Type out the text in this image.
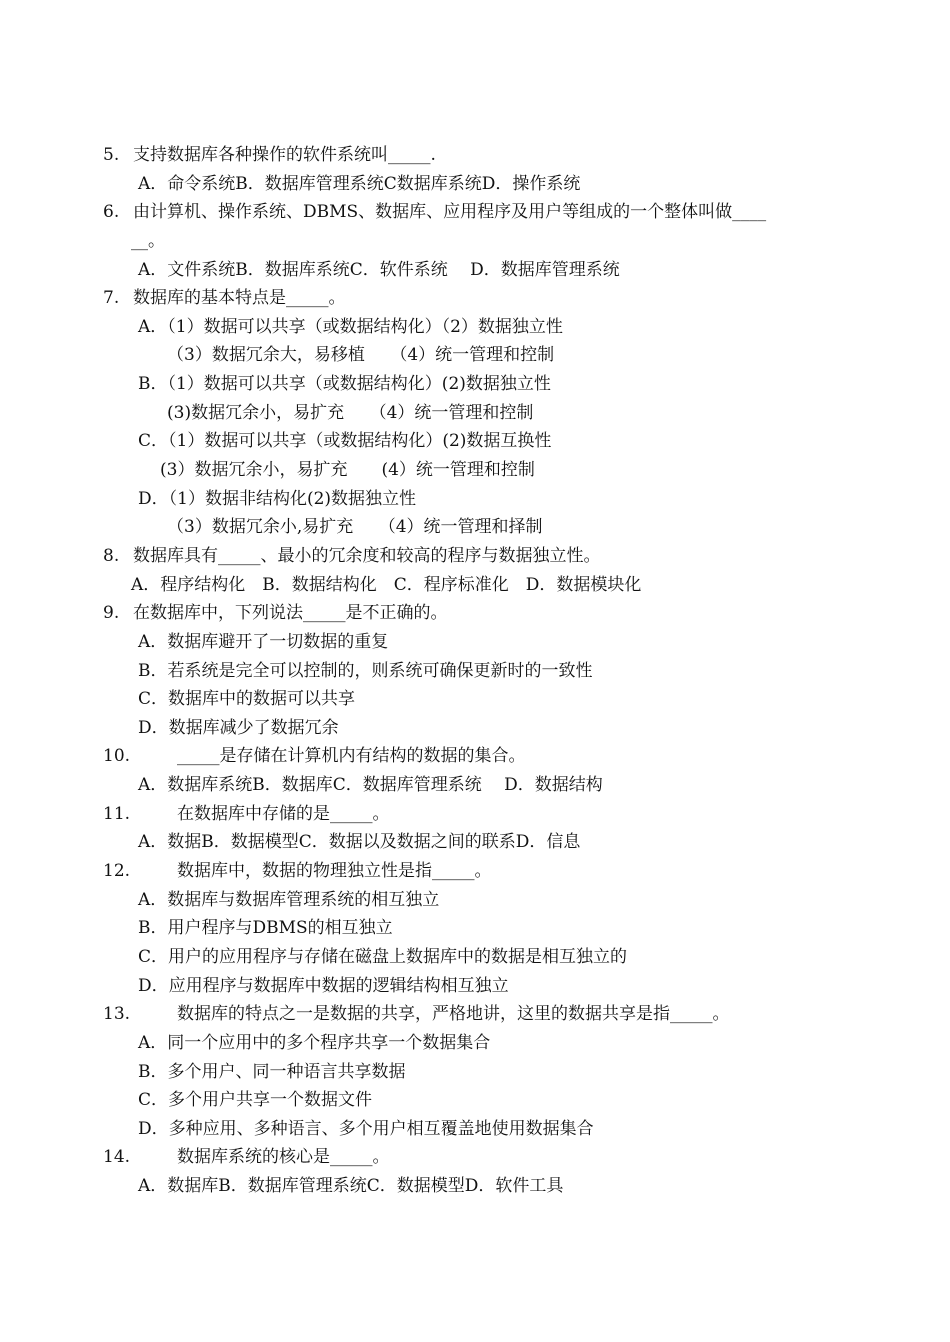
5. 支持数据库各种操作的软件系统叫_____.
A．命令系统B．数据库管理系统C数据库系统D．操作系统
6. 由计算机、操作系统、DBMS、数据库、应用程序及用户等组成的一个整体叫做____
__。
A．文件系统B．数据库系统C．软件系统　 D．数据库管理系统
7. 数据库的基本特点是_____。
A．（1）数据可以共享（或数据结构化）（2）数据独立性
（3）数据冗余大，易移植　　（4）统一管理和控制
B．（1）数据可以共享（或数据结构化）(2)数据独立性
(3)数据冗余小，易扩充　　（4）统一管理和控制
C．（1）数据可以共享（或数据结构化）(2)数据互换性
(3）数据冗余小，易扩充　　(4）统一管理和控制
D．（1）数据非结构化(2)数据独立性
（3）数据冗余小,易扩充　　（4）统一管理和择制
8. 数据库具有_____、最小的冗余度和较高的程序与数据独立性。
A．程序结构化　B．数据结构化　C．程序标准化　D．数据模块化
9. 在数据库中，下列说法_____是不正确的。
A．数据库避开了一切数据的重复
B．若系统是完全可以控制的，则系统可确保更新时的一致性
C．数据库中的数据可以共享
D．数据库减少了数据冗余
10.	_____是存储在计算机内有结构的数据的集合。
A．数据库系统B．数据库C．数据库管理系统　 D．数据结构
11.	在数据库中存储的是_____。
A．数据B．数据模型C．数据以及数据之间的联系D．信息
12.	数据库中，数据的物理独立性是指_____。
A．数据库与数据库管理系统的相互独立
B．用户程序与DBMS的相互独立
C．用户的应用程序与存储在磁盘上数据库中的数据是相互独立的
D．应用程序与数据库中数据的逻辑结构相互独立
13.	数据库的特点之一是数据的共享，严格地讲，这里的数据共享是指_____。
A．同一个应用中的多个程序共享一个数据集合
B．多个用户、同一种语言共享数据
C．多个用户共享一个数据文件
D．多种应用、多种语言、多个用户相互覆盖地使用数据集合
14.	数据库系统的核心是_____。
A．数据库B．数据库管理系统C．数据模型D．软件工具
